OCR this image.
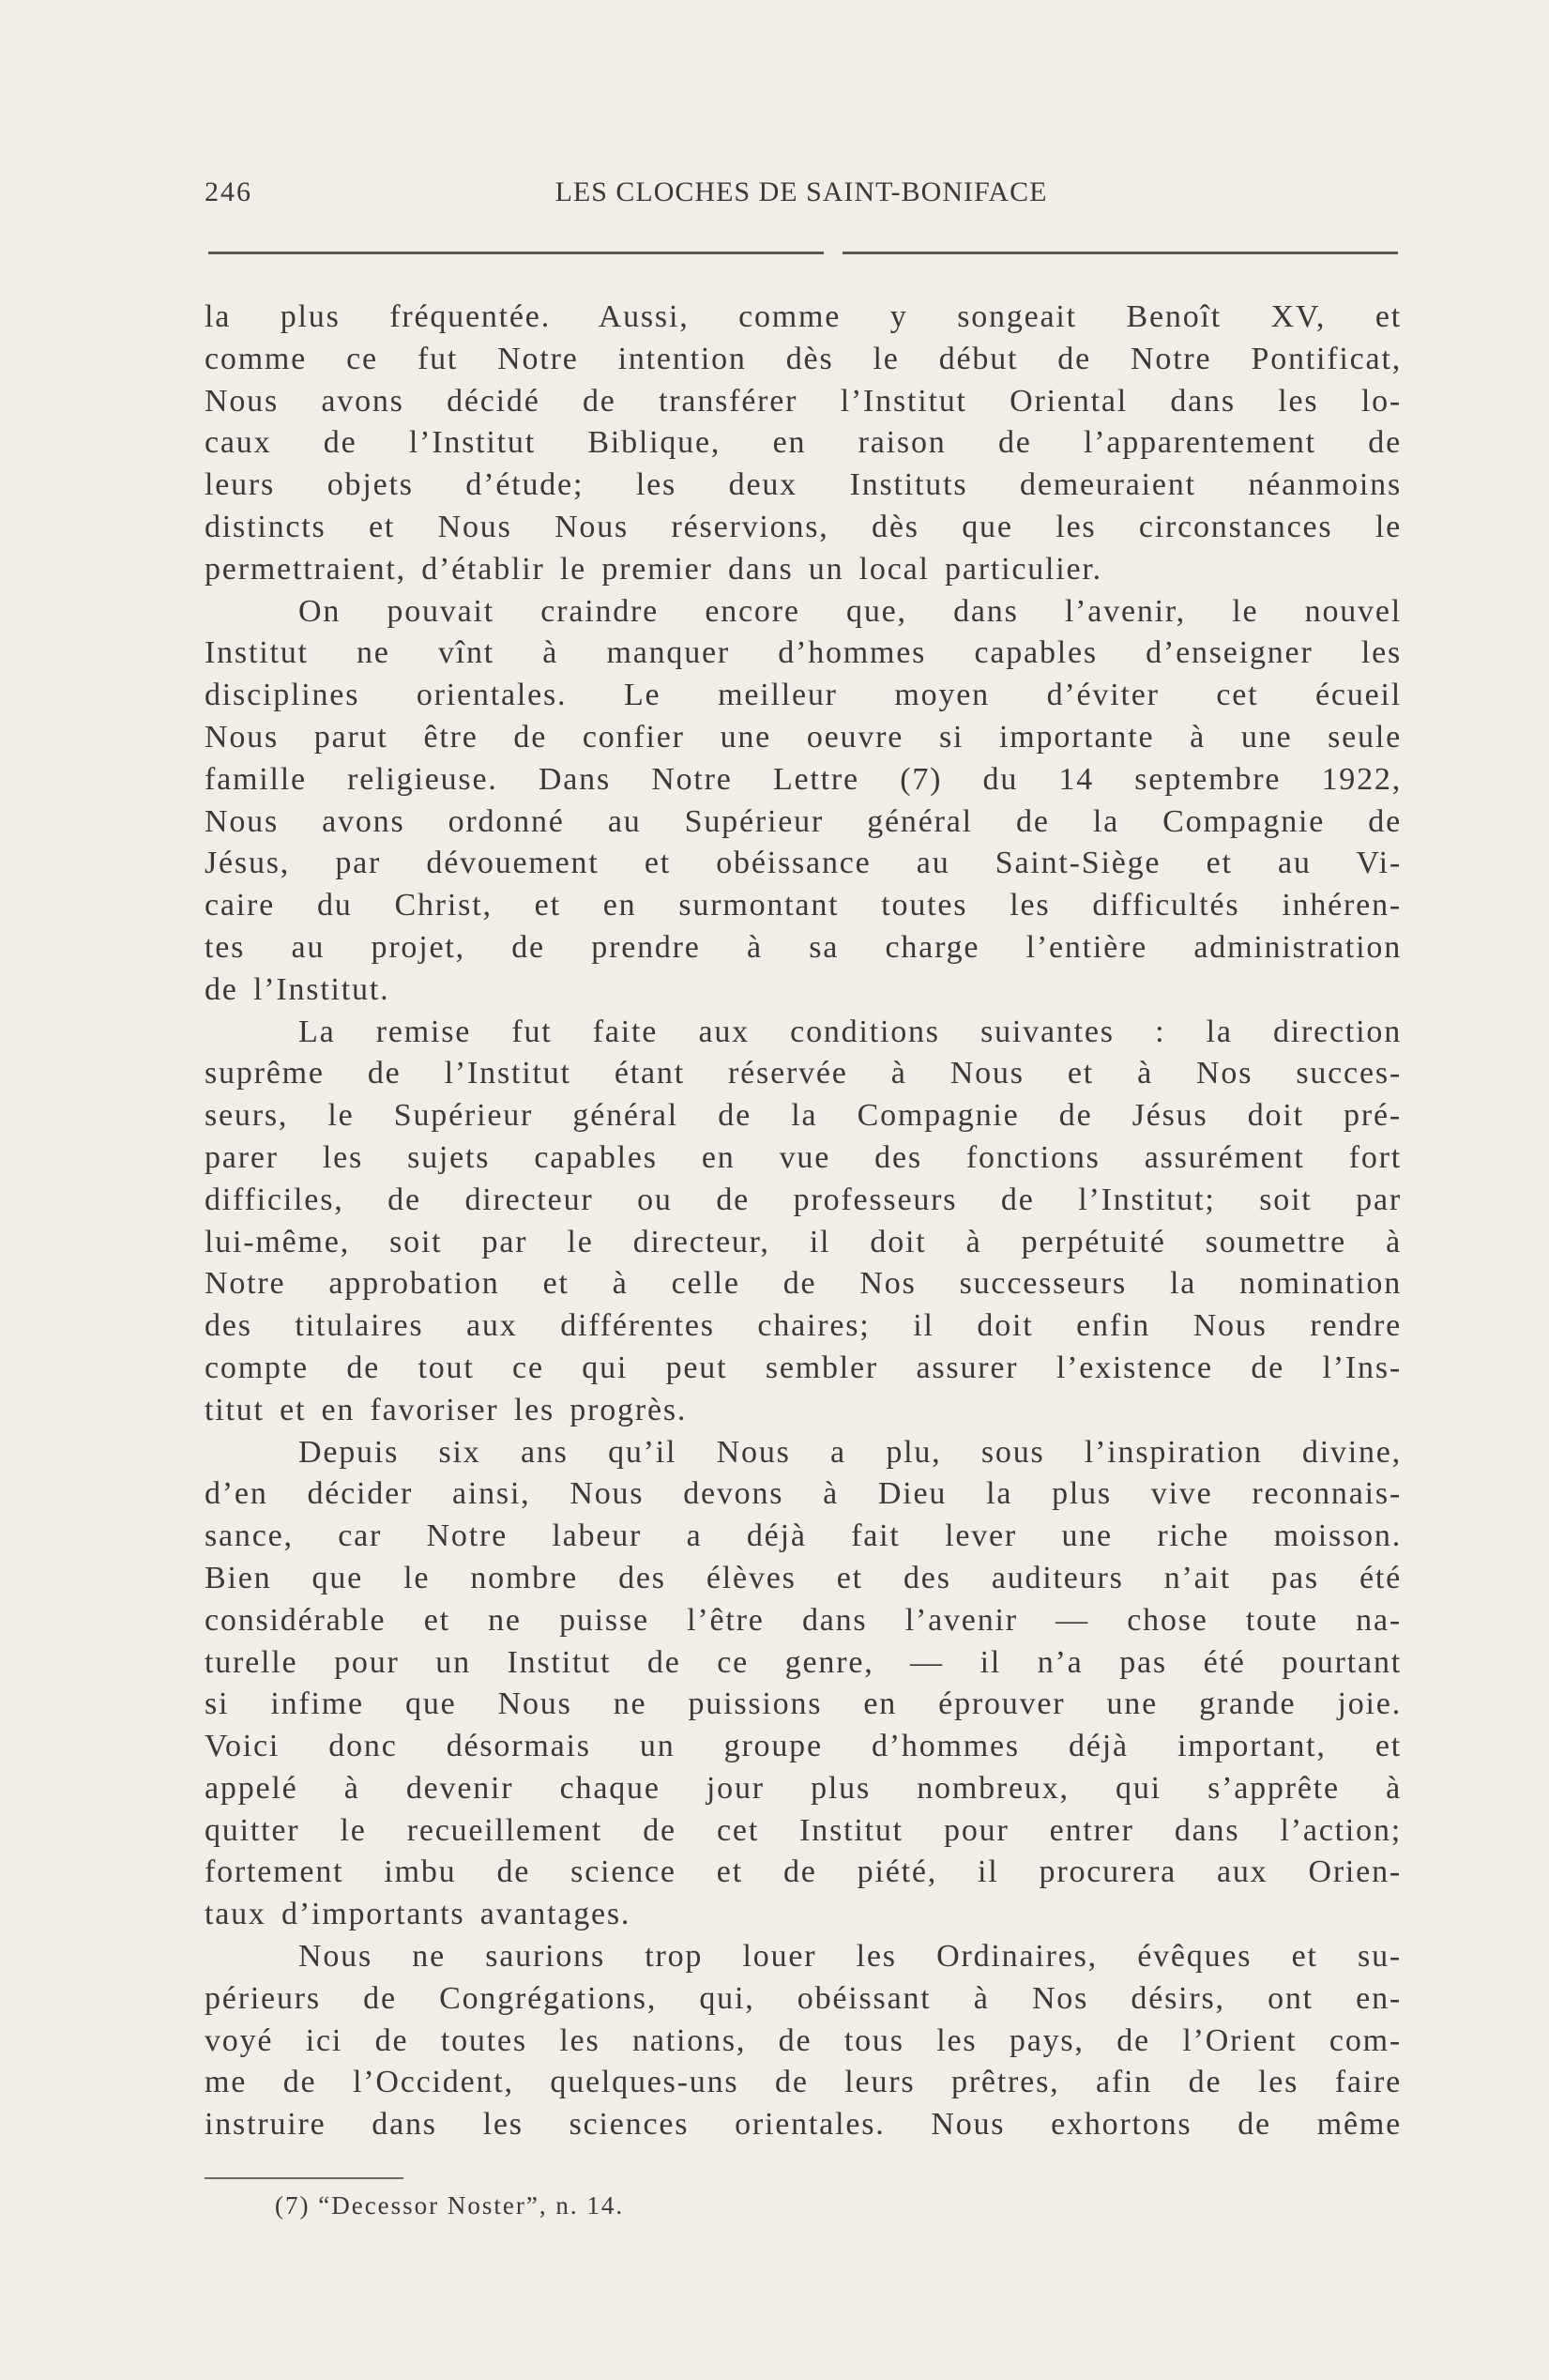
246	LES CLOCHES DE SAINT-BONIFACE
la plus fréquentée. Aussi, comme y songeait Benoît XV, et
comme ce fut Notre intention dès le début de Notre Pontificat,
Nous avons décidé de transférer l’Institut Oriental dans les lo-
caux de l’Institut Biblique, en raison de l’apparentement de
leurs objets d’étude; les deux Instituts demeuraient néanmoins
distincts et Nous Nous réservions, dès que les circonstances le
permettraient, d’établir le premier dans un local particulier.
On pouvait craindre encore que, dans l’avenir, le nouvel
Institut ne vînt à manquer d’hommes capables d’enseigner les
disciplines orientales. Le meilleur moyen d’éviter cet écueil
Nous parut être de confier une oeuvre si importante à une seule
famille religieuse. Dans Notre Lettre (7) du 14 septembre 1922,
Nous avons ordonné au Supérieur général de la Compagnie de
Jésus, par dévouement et obéissance au Saint-Siège et au Vi-
caire du Christ, et en surmontant toutes les difficultés inhéren-
tes au projet, de prendre à sa charge l’entière administration
de l’Institut.
La remise fut faite aux conditions suivantes : la direction
suprême de l’Institut étant réservée à Nous et à Nos succes-
seurs, le Supérieur général de la Compagnie de Jésus doit pré-
parer les sujets capables en vue des fonctions assurément fort
difficiles, de directeur ou de professeurs de l’Institut; soit par
lui-même, soit par le directeur, il doit à perpétuité soumettre à
Notre approbation et à celle de Nos successeurs la nomination
des titulaires aux différentes chaires; il doit enfin Nous rendre
compte de tout ce qui peut sembler assurer l’existence de l’Ins-
titut et en favoriser les progrès.
Depuis six ans qu’il Nous a plu, sous l’inspiration divine,
d’en décider ainsi, Nous devons à Dieu la plus vive reconnais-
sance, car Notre labeur a déjà fait lever une riche moisson.
Bien que le nombre des élèves et des auditeurs n’ait pas été
considérable et ne puisse l’être dans l’avenir — chose toute na-
turelle pour un Institut de ce genre, — il n’a pas été pourtant
si infime que Nous ne puissions en éprouver une grande joie.
Voici donc désormais un groupe d’hommes déjà important, et
appelé à devenir chaque jour plus nombreux, qui s’apprête à
quitter le recueillement de cet Institut pour entrer dans l’action;
fortement imbu de science et de piété, il procurera aux Orien-
taux d’importants avantages.
Nous ne saurions trop louer les Ordinaires, évêques et su-
périeurs de Congrégations, qui, obéissant à Nos désirs, ont en-
voyé ici de toutes les nations, de tous les pays, de l’Orient com-
me de l’Occident, quelques-uns de leurs prêtres, afin de les faire
instruire dans les sciences orientales. Nous exhortons de même
(7) “Decessor Noster”, n. 14.
